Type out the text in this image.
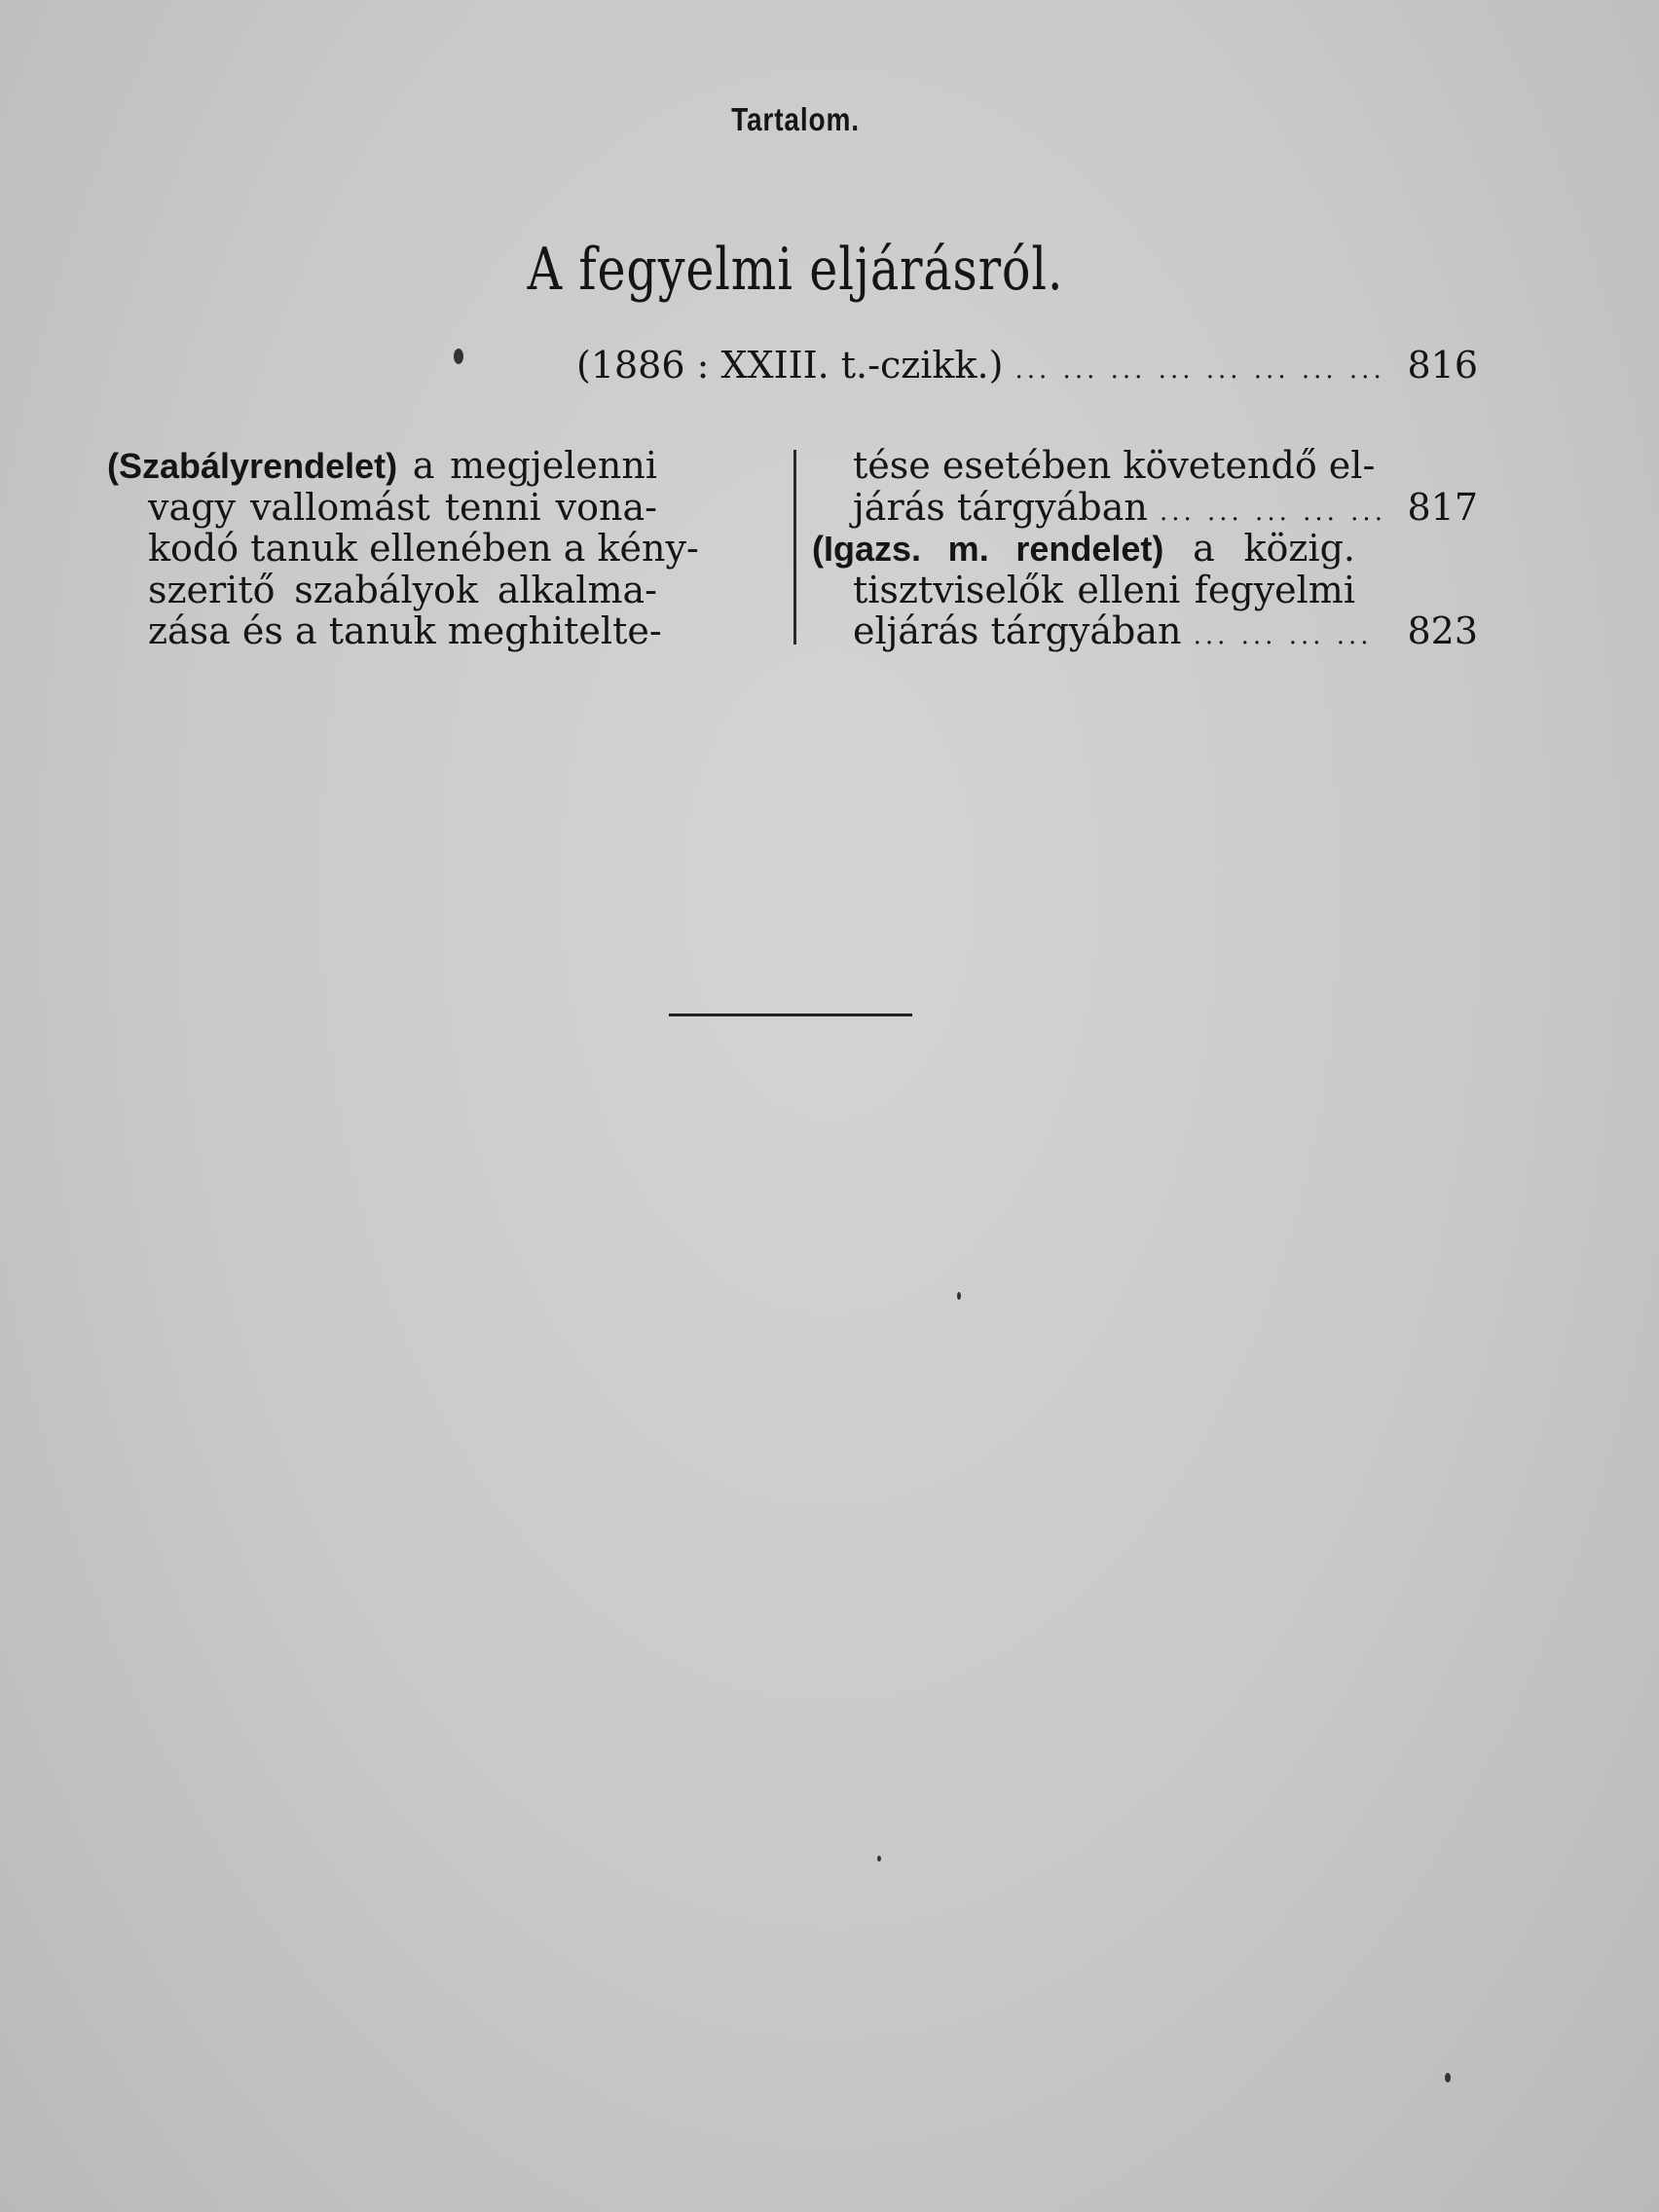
Tartalom.
A fegyelmi eljárásról.
(1886 : XXIII. t.-czikk.) ... ... ... ... ... ... ... ... 816
(Szabályrendelet) a megjelenni
vagy vallomást tenni vona-
kodó tanuk ellenében a kény-
szeritő szabályok alkalma-
zása és a tanuk meghitelte-
tése esetében követendő el-
járás tárgyában ... ... ... ... ... 817
(Igazs. m. rendelet) a közig.
tisztviselők elleni fegyelmi
eljárás tárgyában ... ... ... ... 823
